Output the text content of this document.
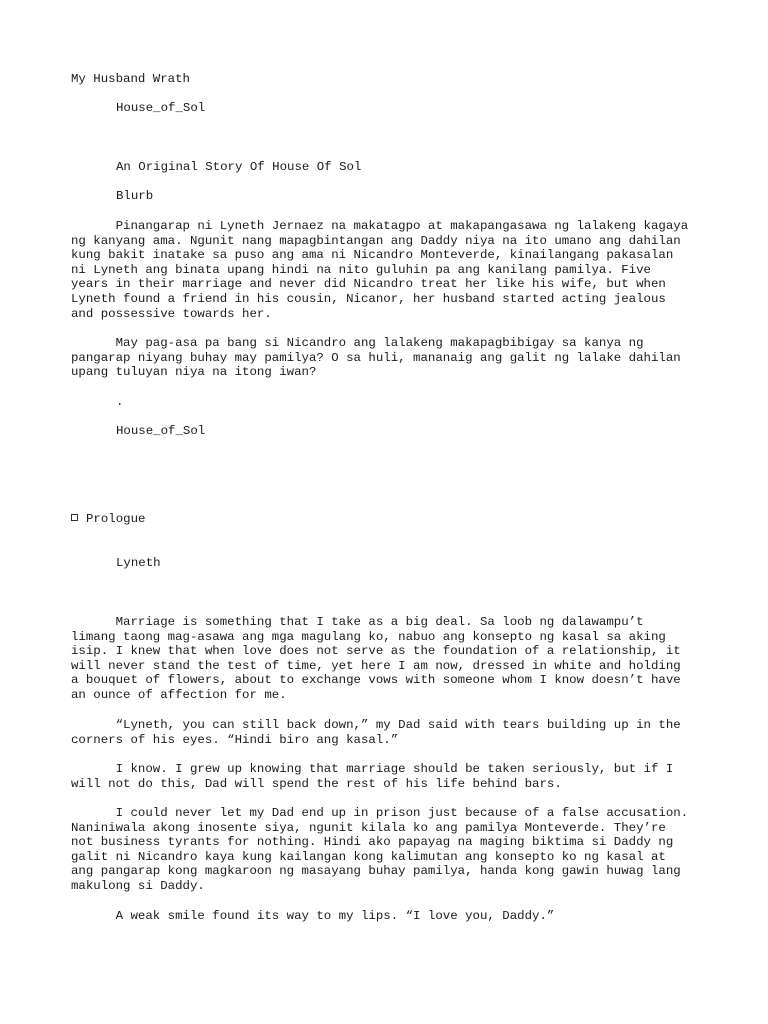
My Husband Wrath

House_of_Sol

An Original Story Of House Of Sol

Blurb

Pinangarap ni Lyneth Jernaez na makatagpo at makapangasawa ng lalakeng kagaya
ng kanyang ama. Ngunit nang mapagbintangan ang Daddy niya na ito umano ang dahilan
kung bakit inatake sa puso ang ama ni Nicandro Monteverde, kinailangang pakasalan
ni Lyneth ang binata upang hindi na nito guluhin pa ang kanilang pamilya. Five
years in their marriage and never did Nicandro treat her like his wife, but when
Lyneth found a friend in his cousin, Nicanor, her husband started acting jealous
and possessive towards her.
May pag-asa pa bang si Nicandro ang lalakeng makapagbibigay sa kanya ng
pangarap niyang buhay may pamilya? O sa huli, mananaig ang galit ng lalake dahilan
upang tuluyan niya na itong iwan?

.

House_of_Sol

Prologue

Lyneth

Marriage is something that I take as a big deal. Sa loob ng dalawampu’t
limang taong mag-asawa ang mga magulang ko, nabuo ang konsepto ng kasal sa aking
isip. I knew that when love does not serve as the foundation of a relationship, it
will never stand the test of time, yet here I am now, dressed in white and holding
a bouquet of flowers, about to exchange vows with someone whom I know doesn’t have
an ounce of affection for me.
“Lyneth, you can still back down,” my Dad said with tears building up in the
corners of his eyes. “Hindi biro ang kasal.”
I know. I grew up knowing that marriage should be taken seriously, but if I
will not do this, Dad will spend the rest of his life behind bars.
I could never let my Dad end up in prison just because of a false accusation.
Naniniwala akong inosente siya, ngunit kilala ko ang pamilya Monteverde. They’re
not business tyrants for nothing. Hindi ako papayag na maging biktima si Daddy ng
galit ni Nicandro kaya kung kailangan kong kalimutan ang konsepto ko ng kasal at
ang pangarap kong magkaroon ng masayang buhay pamilya, handa kong gawin huwag lang
makulong si Daddy.
A weak smile found its way to my lips. “I love you, Daddy.”
